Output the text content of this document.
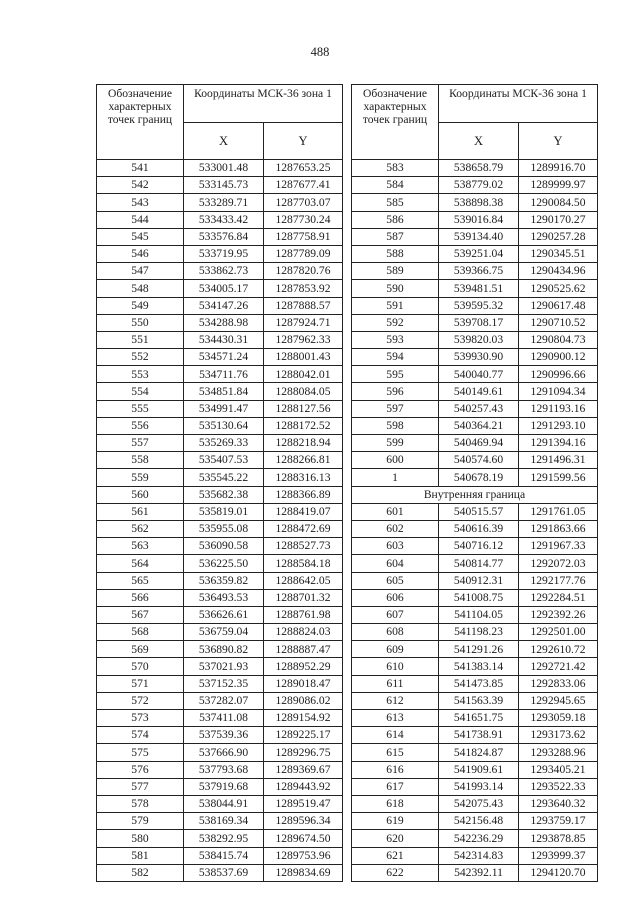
488
Обозначение характерных точек границ	Координаты МСК-36 зона 1	
	X	Y
541	533001.48	1287653.25
542	533145.73	1287677.41
543	533289.71	1287703.07
544	533433.42	1287730.24
545	533576.84	1287758.91
546	533719.95	1287789.09
547	533862.73	1287820.76
548	534005.17	1287853.92
549	534147.26	1287888.57
550	534288.98	1287924.71
551	534430.31	1287962.33
552	534571.24	1288001.43
553	534711.76	1288042.01
554	534851.84	1288084.05
555	534991.47	1288127.56
556	535130.64	1288172.52
557	535269.33	1288218.94
558	535407.53	1288266.81
559	535545.22	1288316.13
560	535682.38	1288366.89
561	535819.01	1288419.07
562	535955.08	1288472.69
563	536090.58	1288527.73
564	536225.50	1288584.18
565	536359.82	1288642.05
566	536493.53	1288701.32
567	536626.61	1288761.98
568	536759.04	1288824.03
569	536890.82	1288887.47
570	537021.93	1288952.29
571	537152.35	1289018.47
572	537282.07	1289086.02
573	537411.08	1289154.92
574	537539.36	1289225.17
575	537666.90	1289296.75
576	537793.68	1289369.67
577	537919.68	1289443.92
578	538044.91	1289519.47
579	538169.34	1289596.34
580	538292.95	1289674.50
581	538415.74	1289753.96
582	538537.69	1289834.69
Обозначение характерных точек границ	Координаты МСК-36 зона 1	
	X	Y
583	538658.79	1289916.70
584	538779.02	1289999.97
585	538898.38	1290084.50
586	539016.84	1290170.27
587	539134.40	1290257.28
588	539251.04	1290345.51
589	539366.75	1290434.96
590	539481.51	1290525.62
591	539595.32	1290617.48
592	539708.17	1290710.52
593	539820.03	1290804.73
594	539930.90	1290900.12
595	540040.77	1290996.66
596	540149.61	1291094.34
597	540257.43	1291193.16
598	540364.21	1291293.10
599	540469.94	1291394.16
600	540574.60	1291496.31
1	540678.19	1291599.56
Внутренняя граница		
601	540515.57	1291761.05
602	540616.39	1291863.66
603	540716.12	1291967.33
604	540814.77	1292072.03
605	540912.31	1292177.76
606	541008.75	1292284.51
607	541104.05	1292392.26
608	541198.23	1292501.00
609	541291.26	1292610.72
610	541383.14	1292721.42
611	541473.85	1292833.06
612	541563.39	1292945.65
613	541651.75	1293059.18
614	541738.91	1293173.62
615	541824.87	1293288.96
616	541909.61	1293405.21
617	541993.14	1293522.33
618	542075.43	1293640.32
619	542156.48	1293759.17
620	542236.29	1293878.85
621	542314.83	1293999.37
622	542392.11	1294120.70
